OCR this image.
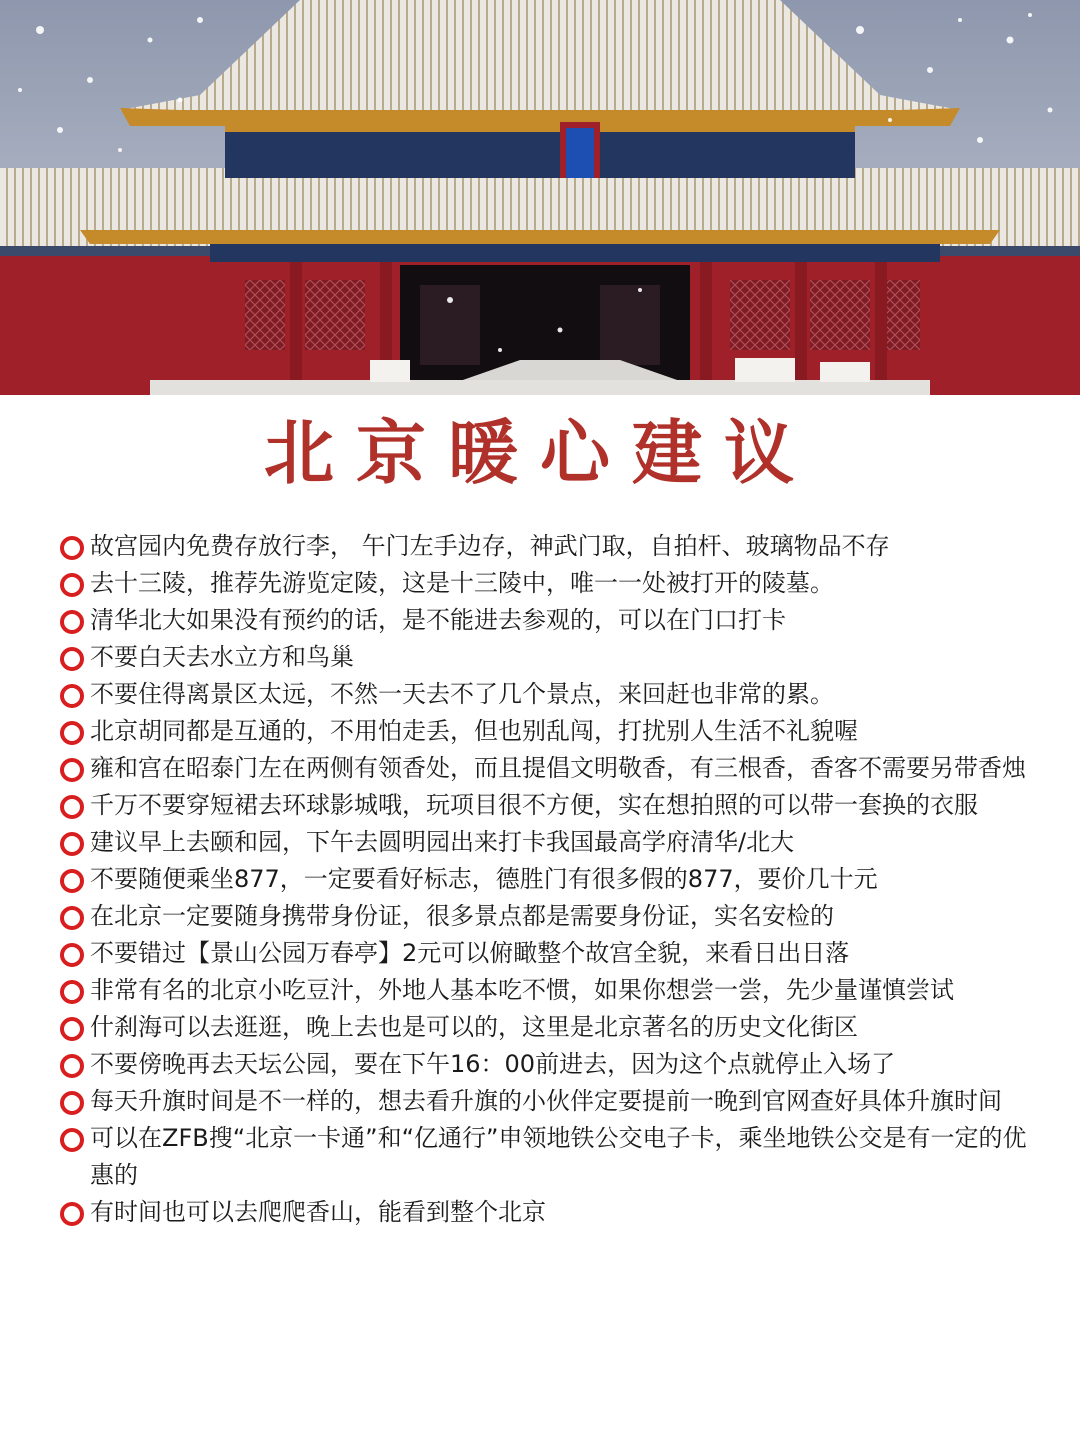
北京暖心建议
故宫园内免费存放行李， 午门左手边存，神武门取，自拍杆、玻璃物品不存
去十三陵，推荐先游览定陵，这是十三陵中，唯一一处被打开的陵墓。
清华北大如果没有预约的话，是不能进去参观的，可以在门口打卡
不要白天去水立方和鸟巢
不要住得离景区太远，不然一天去不了几个景点，来回赶也非常的累。
北京胡同都是互通的，不用怕走丢，但也别乱闯，打扰别人生活不礼貌喔
雍和宫在昭泰门左在两侧有领香处，而且提倡文明敬香，有三根香，香客不需要另带香烛
千万不要穿短裙去环球影城哦，玩项目很不方便，实在想拍照的可以带一套换的衣服
建议早上去颐和园，下午去圆明园出来打卡我国最高学府清华/北大
不要随便乘坐877，一定要看好标志，德胜门有很多假的877，要价几十元
在北京一定要随身携带身份证，很多景点都是需要身份证，实名安检的
不要错过【景山公园万春亭】2元可以俯瞰整个故宫全貌，来看日出日落
非常有名的北京小吃豆汁，外地人基本吃不惯，如果你想尝一尝，先少量谨慎尝试
什刹海可以去逛逛，晚上去也是可以的，这里是北京著名的历史文化街区
不要傍晚再去天坛公园，要在下午16：00前进去，因为这个点就停止入场了
每天升旗时间是不一样的，想去看升旗的小伙伴定要提前一晚到官网查好具体升旗时间
可以在ZFB搜“北京一卡通”和“亿通行”申领地铁公交电子卡，乘坐地铁公交是有一定的优惠的
有时间也可以去爬爬香山，能看到整个北京
